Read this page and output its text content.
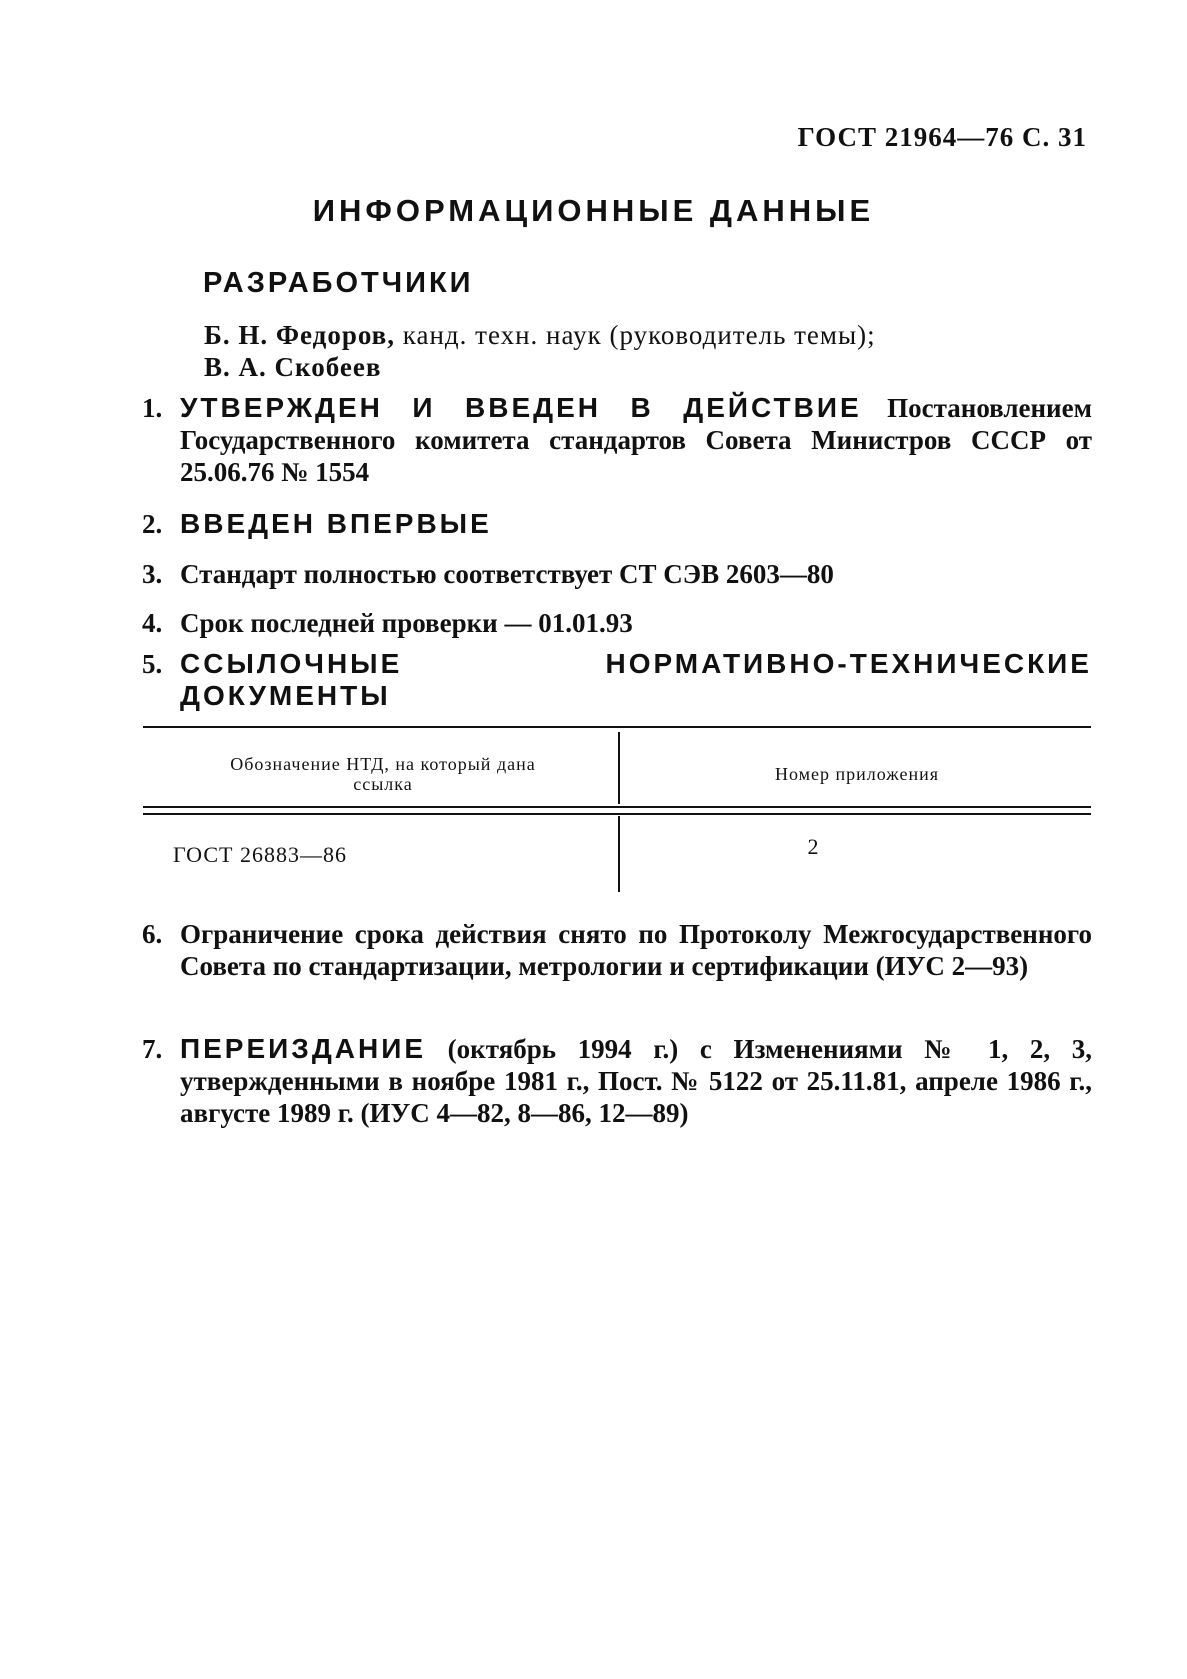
ГОСТ 21964—76 С. 31
ИНФОРМАЦИОННЫЕ ДАННЫЕ
РАЗРАБОТЧИКИ
Б. Н. Федоров, канд. техн. наук (руководитель темы);
В. А. Скобеев
1. УТВЕРЖДЕН И ВВЕДЕН В ДЕЙСТВИЕ Постановлением Государственного комитета стандартов Совета Министров СССР от 25.06.76 № 1554
2. ВВЕДЕН ВПЕРВЫЕ
3. Стандарт полностью соответствует СТ СЭВ 2603—80
4. Срок последней проверки — 01.01.93
5. ССЫЛОЧНЫЕ НОРМАТИВНО-ТЕХНИЧЕСКИЕ ДОКУМЕНТЫ
Обозначение НТД, на который дана ссылка	Номер приложения
ГОСТ 26883—86	2
6. Ограничение срока действия снято по Протоколу Межгосударственного Совета по стандартизации, метрологии и сертификации (ИУС 2—93)
7. ПЕРЕИЗДАНИЕ (октябрь 1994 г.) с Изменениями № 1, 2, 3, утвержденными в ноябре 1981 г., Пост. № 5122 от 25.11.81, апреле 1986 г., августе 1989 г. (ИУС 4—82, 8—86, 12—89)
